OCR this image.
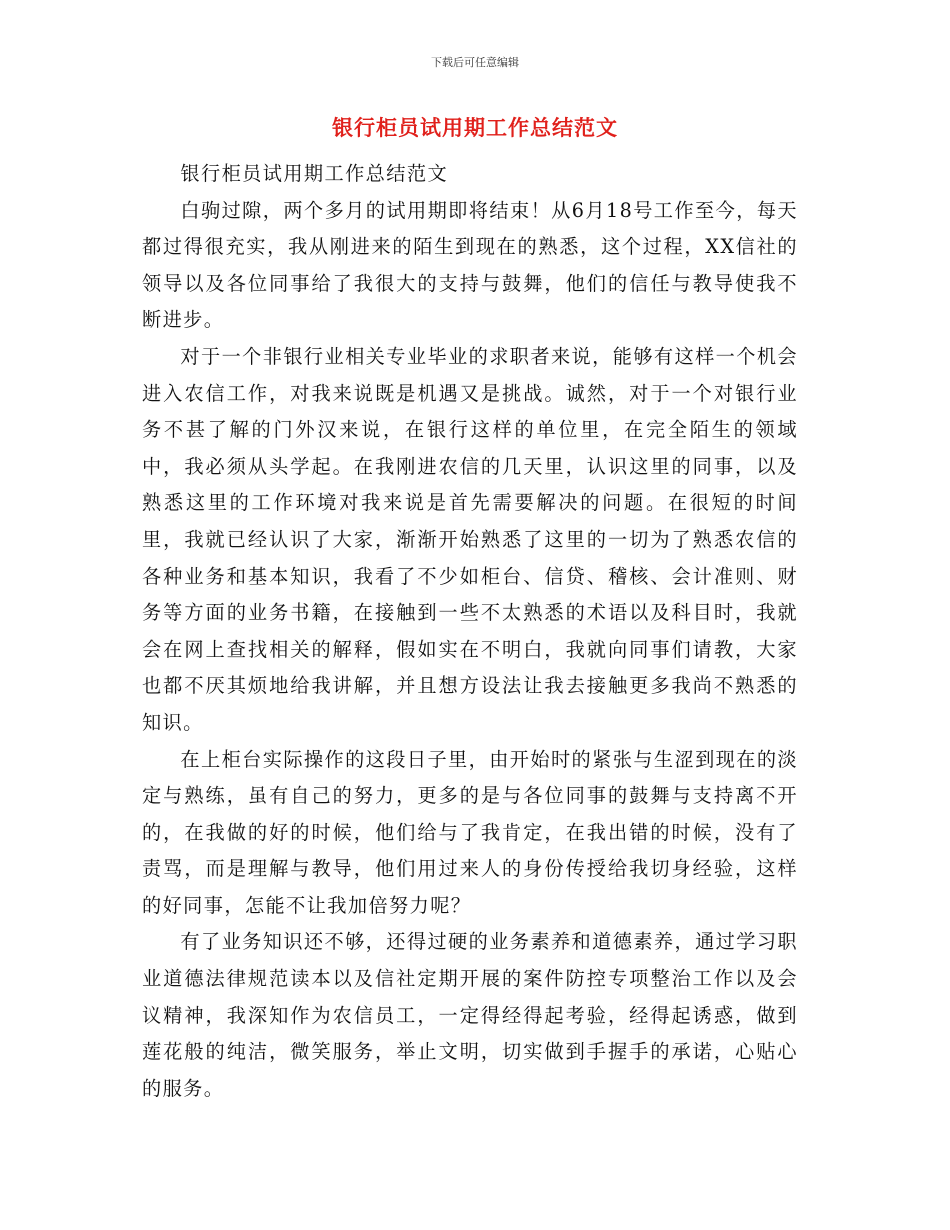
下载后可任意编辑
银行柜员试用期工作总结范文

银行柜员试用期工作总结范文

白驹过隙，两个多月的试用期即将结束！从6月18号工作至今，每天都过得很充实，我从刚进来的陌生到现在的熟悉，这个过程，XX信社的领导以及各位同事给了我很大的支持与鼓舞，他们的信任与教导使我不断进步。

对于一个非银行业相关专业毕业的求职者来说，能够有这样一个机会进入农信工作，对我来说既是机遇又是挑战。诚然，对于一个对银行业务不甚了解的门外汉来说，在银行这样的单位里，在完全陌生的领域中，我必须从头学起。在我刚进农信的几天里，认识这里的同事，以及熟悉这里的工作环境对我来说是首先需要解决的问题。在很短的时间里，我就已经认识了大家，渐渐开始熟悉了这里的一切为了熟悉农信的各种业务和基本知识，我看了不少如柜台、信贷、稽核、会计准则、财务等方面的业务书籍，在接触到一些不太熟悉的术语以及科目时，我就会在网上查找相关的解释，假如实在不明白，我就向同事们请教，大家也都不厌其烦地给我讲解，并且想方设法让我去接触更多我尚不熟悉的知识。

在上柜台实际操作的这段日子里，由开始时的紧张与生涩到现在的淡定与熟练，虽有自己的努力，更多的是与各位同事的鼓舞与支持离不开的，在我做的好的时候，他们给与了我肯定，在我出错的时候，没有了责骂，而是理解与教导，他们用过来人的身份传授给我切身经验，这样的好同事，怎能不让我加倍努力呢？

有了业务知识还不够，还得过硬的业务素养和道德素养，通过学习职业道德法律规范读本以及信社定期开展的案件防控专项整治工作以及会议精神，我深知作为农信员工，一定得经得起考验，经得起诱惑，做到莲花般的纯洁，微笑服务，举止文明，切实做到手握手的承诺，心贴心的服务。
